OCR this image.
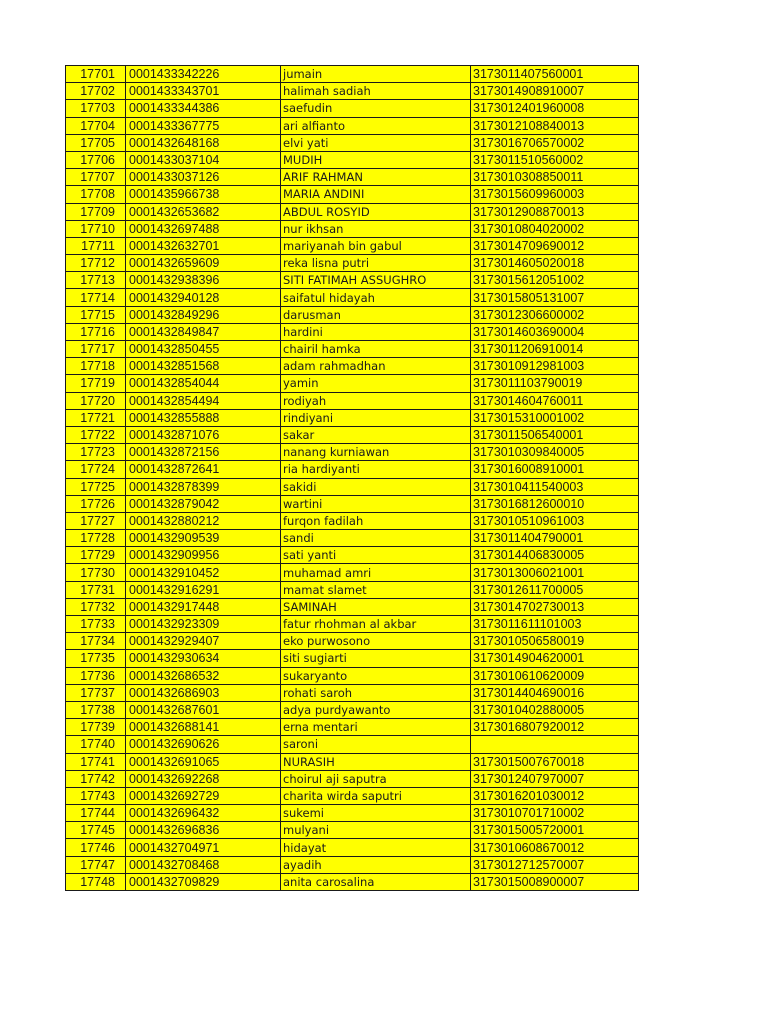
17701	0001433342226	jumain	3173011407560001
17702	0001433343701	halimah sadiah	3173014908910007
17703	0001433344386	saefudin	3173012401960008
17704	0001433367775	ari alfianto	3173012108840013
17705	0001432648168	elvi yati	3173016706570002
17706	0001433037104	MUDIH	3173011510560002
17707	0001433037126	ARIF RAHMAN	3173010308850011
17708	0001435966738	MARIA ANDINI	3173015609960003
17709	0001432653682	ABDUL ROSYID	3173012908870013
17710	0001432697488	nur ikhsan	3173010804020002
17711	0001432632701	mariyanah bin gabul	3173014709690012
17712	0001432659609	reka lisna putri	3173014605020018
17713	0001432938396	SITI FATIMAH ASSUGHRO	3173015612051002
17714	0001432940128	saifatul hidayah	3173015805131007
17715	0001432849296	darusman	3173012306600002
17716	0001432849847	hardini	3173014603690004
17717	0001432850455	chairil hamka	3173011206910014
17718	0001432851568	adam rahmadhan	3173010912981003
17719	0001432854044	yamin	3173011103790019
17720	0001432854494	rodiyah	3173014604760011
17721	0001432855888	rindiyani	3173015310001002
17722	0001432871076	sakar	3173011506540001
17723	0001432872156	nanang kurniawan	3173010309840005
17724	0001432872641	ria hardiyanti	3173016008910001
17725	0001432878399	sakidi	3173010411540003
17726	0001432879042	wartini	3173016812600010
17727	0001432880212	furqon fadilah	3173010510961003
17728	0001432909539	sandi	3173011404790001
17729	0001432909956	sati yanti	3173014406830005
17730	0001432910452	muhamad amri	3173013006021001
17731	0001432916291	mamat slamet	3173012611700005
17732	0001432917448	SAMINAH	3173014702730013
17733	0001432923309	fatur rhohman al akbar	3173011611101003
17734	0001432929407	eko purwosono	3173010506580019
17735	0001432930634	siti sugiarti	3173014904620001
17736	0001432686532	sukaryanto	3173010610620009
17737	0001432686903	rohati saroh	3173014404690016
17738	0001432687601	adya purdyawanto	3173010402880005
17739	0001432688141	erna mentari	3173016807920012
17740	0001432690626	saroni	
17741	0001432691065	NURASIH	3173015007670018
17742	0001432692268	choirul aji saputra	3173012407970007
17743	0001432692729	charita wirda saputri	3173016201030012
17744	0001432696432	sukemi	3173010701710002
17745	0001432696836	mulyani	3173015005720001
17746	0001432704971	hidayat	3173010608670012
17747	0001432708468	ayadih	3173012712570007
17748	0001432709829	anita carosalina	3173015008900007
